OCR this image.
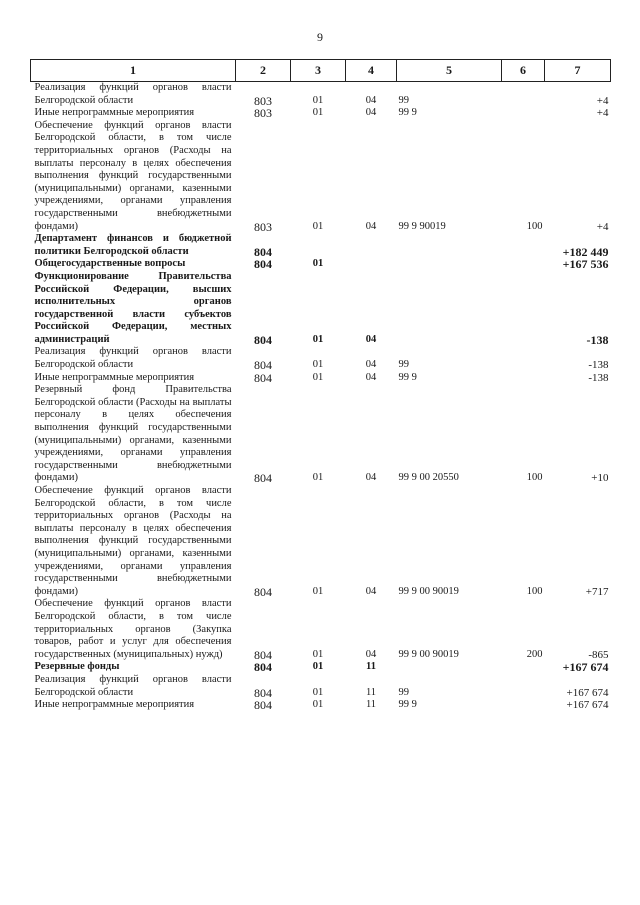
9
1	2	3	4	5	6	7
Реализация функций органов власти Белгородской области	803	01	04	99		+4
Иные непрограммные мероприятия	803	01	04	99 9		+4
Обеспечение функций органов власти Белгородской области, в том числе территориальных органов (Расходы на выплаты персоналу в целях обеспечения выполнения функций государственными (муниципальными) органами, казенными учреждениями, органами управления государственными внебюджетными фондами)	803	01	04	99 9 90019	100	+4
Департамент финансов и бюджетной политики Белгородской области	804					+182 449
Общегосударственные вопросы	804	01				+167 536
Функционирование Правительства Российской Федерации, высших исполнительных органов государственной власти субъектов Российской Федерации, местных администраций	804	01	04			-138
Реализация функций органов власти Белгородской области	804	01	04	99		-138
Иные непрограммные мероприятия	804	01	04	99 9		-138
Резервный фонд Правительства Белгородской области (Расходы на выплаты персоналу в целях обеспечения выполнения функций государственными (муниципальными) органами, казенными учреждениями, органами управления государственными внебюджетными фондами)	804	01	04	99 9 00 20550	100	+10
Обеспечение функций органов власти Белгородской области, в том числе территориальных органов (Расходы на выплаты персоналу в целях обеспечения выполнения функций государственными (муниципальными) органами, казенными учреждениями, органами управления государственными внебюджетными фондами)	804	01	04	99 9 00 90019	100	+717
Обеспечение функций органов власти Белгородской области, в том числе территориальных органов (Закупка товаров, работ и услуг для обеспечения государственных (муниципальных) нужд)	804	01	04	99 9 00 90019	200	-865
Резервные фонды	804	01	11			+167 674
Реализация функций органов власти Белгородской области	804	01	11	99		+167 674
Иные непрограммные мероприятия	804	01	11	99 9		+167 674
